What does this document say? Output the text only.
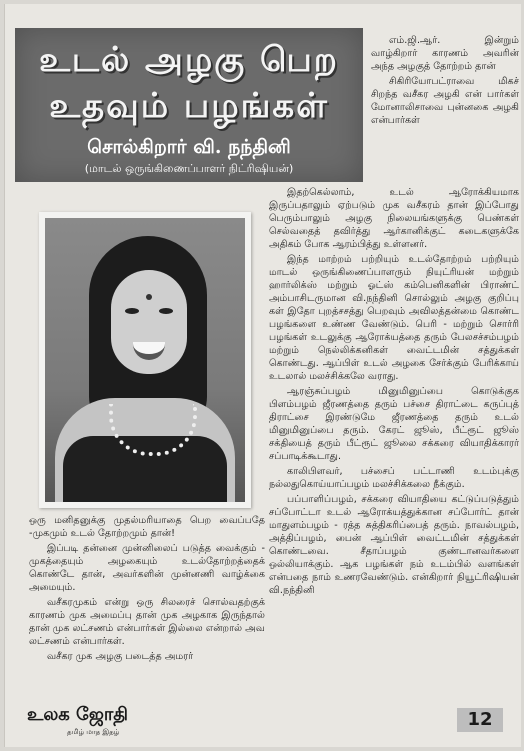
உடல் அழகு பெற
உதவும் பழங்கள்
சொல்கிறார் வி. நந்தினி
(மாடல் ஒருங்கிணைப்பாளர் நிட்ரிஷியன்)

எம்.ஜி.ஆர். இன்றும் வாழ்கிறார் காரணம் அவரின் அந்த அழகுத் தோற்றம் தான்

சிகிரியோபட்ராவை மிகச் சிறந்த வசீகர அழகி என் பார்கள் மோனாலிசாவை புன்னகை அழகி என்பார்கள்

இதற்கெல்லாம், உடல் ஆரோக்கியமாக இருப்பதாலும் ஏற்படும் முக வசீகரம் தான் இப்போது பெரும்பாலும் அழகு நிலையங்களுக்கு பெண்கள் செல்வதைத் தவிர்த்து ஆர்கானிக்குட் கடைகளுக்கே அதிகம் போக ஆரம்பித்து உள்ளனர்.

இந்த மாற்றம் பற்றியும் உடல்தோற்றம் பற்றியும் மாடல் ஒருங்கிணைப்பாளரும் நியுட்ரியன் மற்றும் ஹார்லிக்ஸ் மற்றும் ஓட்ஸ் கம்பெனிகளின் பிராண்ட் அம்பாசிடருமான வி.நந்தினி சொல்லும் அழகு குறிப்பு கள் இதோ புறத்சசத்து பெறவும் அவிலத்தன்மை கொண்ட பழங்களை உண்ண வேண்டும். பெரி - மற்றும் சொர்ரி பழங்கள் உடலுக்கு ஆரோக்யத்தை தரும் பேலசச்சம்பழம் மற்றும் நெல்லிக்கனிகள் வைட்டமின் சத்துக்கள் கொண்டது. ஆப்பிள் உடல் அழகை சேர்க்கும் பேரிக்காய் உடலால் மலச்சிக்கலே வராது.

ஆரஞ்சுப்பழம் மினுமினுப்பை கொடுக்குக பிளம்பழம் ஜீரணத்தை தரும் பச்சை திராட்டை கருப்புத் திராட்சை இரண்டுமே ஜீரணத்தை தரும் உடல் மினுமினுப்பை தரும். கேரட் ஜூஸ், பீட்ரூட் ஜூஸ் சக்தியைத் தரும் பீட்ரூட் ஜூலை சக்கரை வியாதிக்காரர் சப்பாடிக்கூடாது.

காலிபிளவர், பச்சைப் பட்டாணி உடம்புக்கு நல்லதுகொய்யாப்பழம் மலச்சிக்கலை நீக்கும்.

பப்பாளிப்பழம், சக்கரை வியாதியை கட்டுப்படுத்தும் சப்போட்டா உடல் ஆரோக்யத்துக்கான சப்போர்ட் தான் மாதுளம்பழம் - ரத்த சுத்திகரிப்பைத் தரும். நாவல்பழம், அத்திப்பழம், பைன் ஆப்பிள் வைட்டமின் சத்துக்கள் கொண்டவை. சீதாப்பழம் குண்டானவர்களை ஒல்லியாக்கும். ஆக பழங்கள் நம் உடம்பில் வளங்கள் என்பதை நாம் உணரவேண்டும். என்கிறார் நியூட்ரிஷியன் வி.நந்தினி

ஒரு மனிதனுக்கு முதல்மரியாதை பெற வைப்பதே -முகமும் உடல் தோற்றமும் தான்!

இப்படி தன்னை முன்னிலைப் படுத்த வைக்கும் - முகத்தையும் அழகையும் உடல்தோற்றத்தைக் கொண்டே தான், அவர்களின் முன்னணி வாழ்க்கை அமையும்.

வசீகரமுகம் என்று ஒரு சிலரைச் சொல்வதற்குக் காரணம் முக அமைப்பு தான் முக அழகாக இருந்தால் தான் முக லட்சணம் என்பார்கள் இல்லை என்றால் அவ லட்சணம் என்பார்கள்.

வசீகர முக அழகு படைத்த அமரர்

உலக ஜோதி
தமிழ் மாத இதழ்
12
